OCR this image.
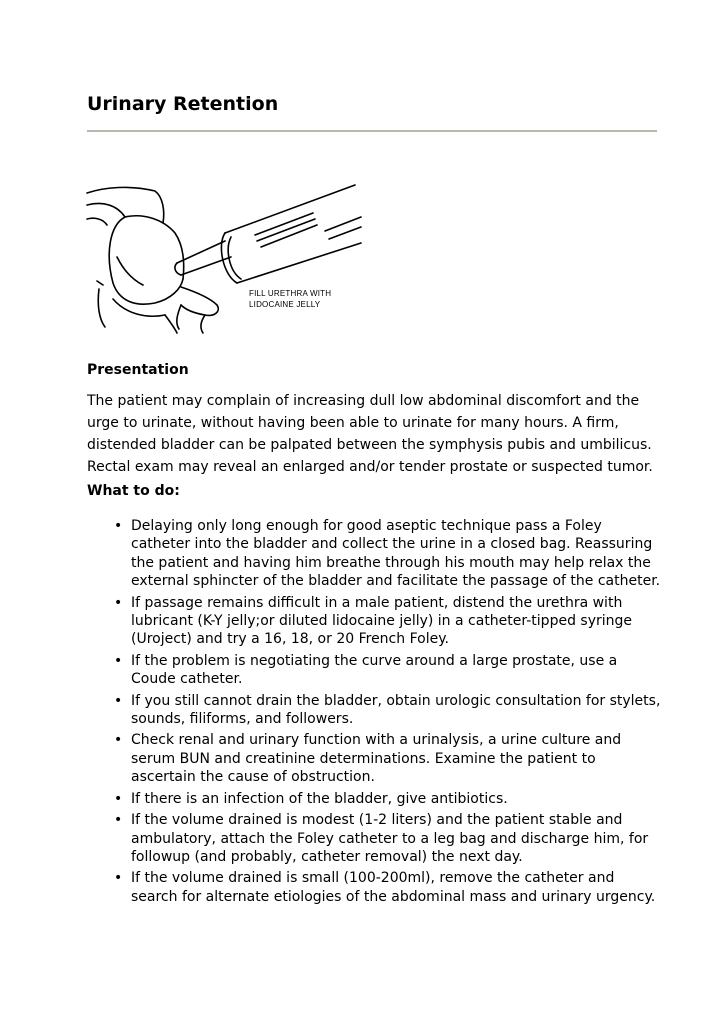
Urinary Retention
FILL URETHRA WITH
LIDOCAINE JELLY
Presentation

The patient may complain of increasing dull low abdominal discomfort and the urge to urinate, without having been able to urinate for many hours. A firm, distended bladder can be palpated between the symphysis pubis and umbilicus. Rectal exam may reveal an enlarged and/or tender prostate or suspected tumor.

What to do:
• Delaying only long enough for good aseptic technique pass a Foley catheter into the bladder and collect the urine in a closed bag. Reassuring the patient and having him breathe through his mouth may help relax the external sphincter of the bladder and facilitate the passage of the catheter.
• If passage remains difficult in a male patient, distend the urethra with lubricant (K-Y jelly;or diluted lidocaine jelly) in a catheter-tipped syringe (Uroject) and try a 16, 18, or 20 French Foley.
• If the problem is negotiating the curve around a large prostate, use a Coude catheter.
• If you still cannot drain the bladder, obtain urologic consultation for stylets, sounds, filiforms, and followers.
• Check renal and urinary function with a urinalysis, a urine culture and serum BUN and creatinine determinations. Examine the patient to ascertain the cause of obstruction.
• If there is an infection of the bladder, give antibiotics.
• If the volume drained is modest (1-2 liters) and the patient stable and ambulatory, attach the Foley catheter to a leg bag and discharge him, for followup (and probably, catheter removal) the next day.
• If the volume drained is small (100-200ml), remove the catheter and search for alternate etiologies of the abdominal mass and urinary urgency.
